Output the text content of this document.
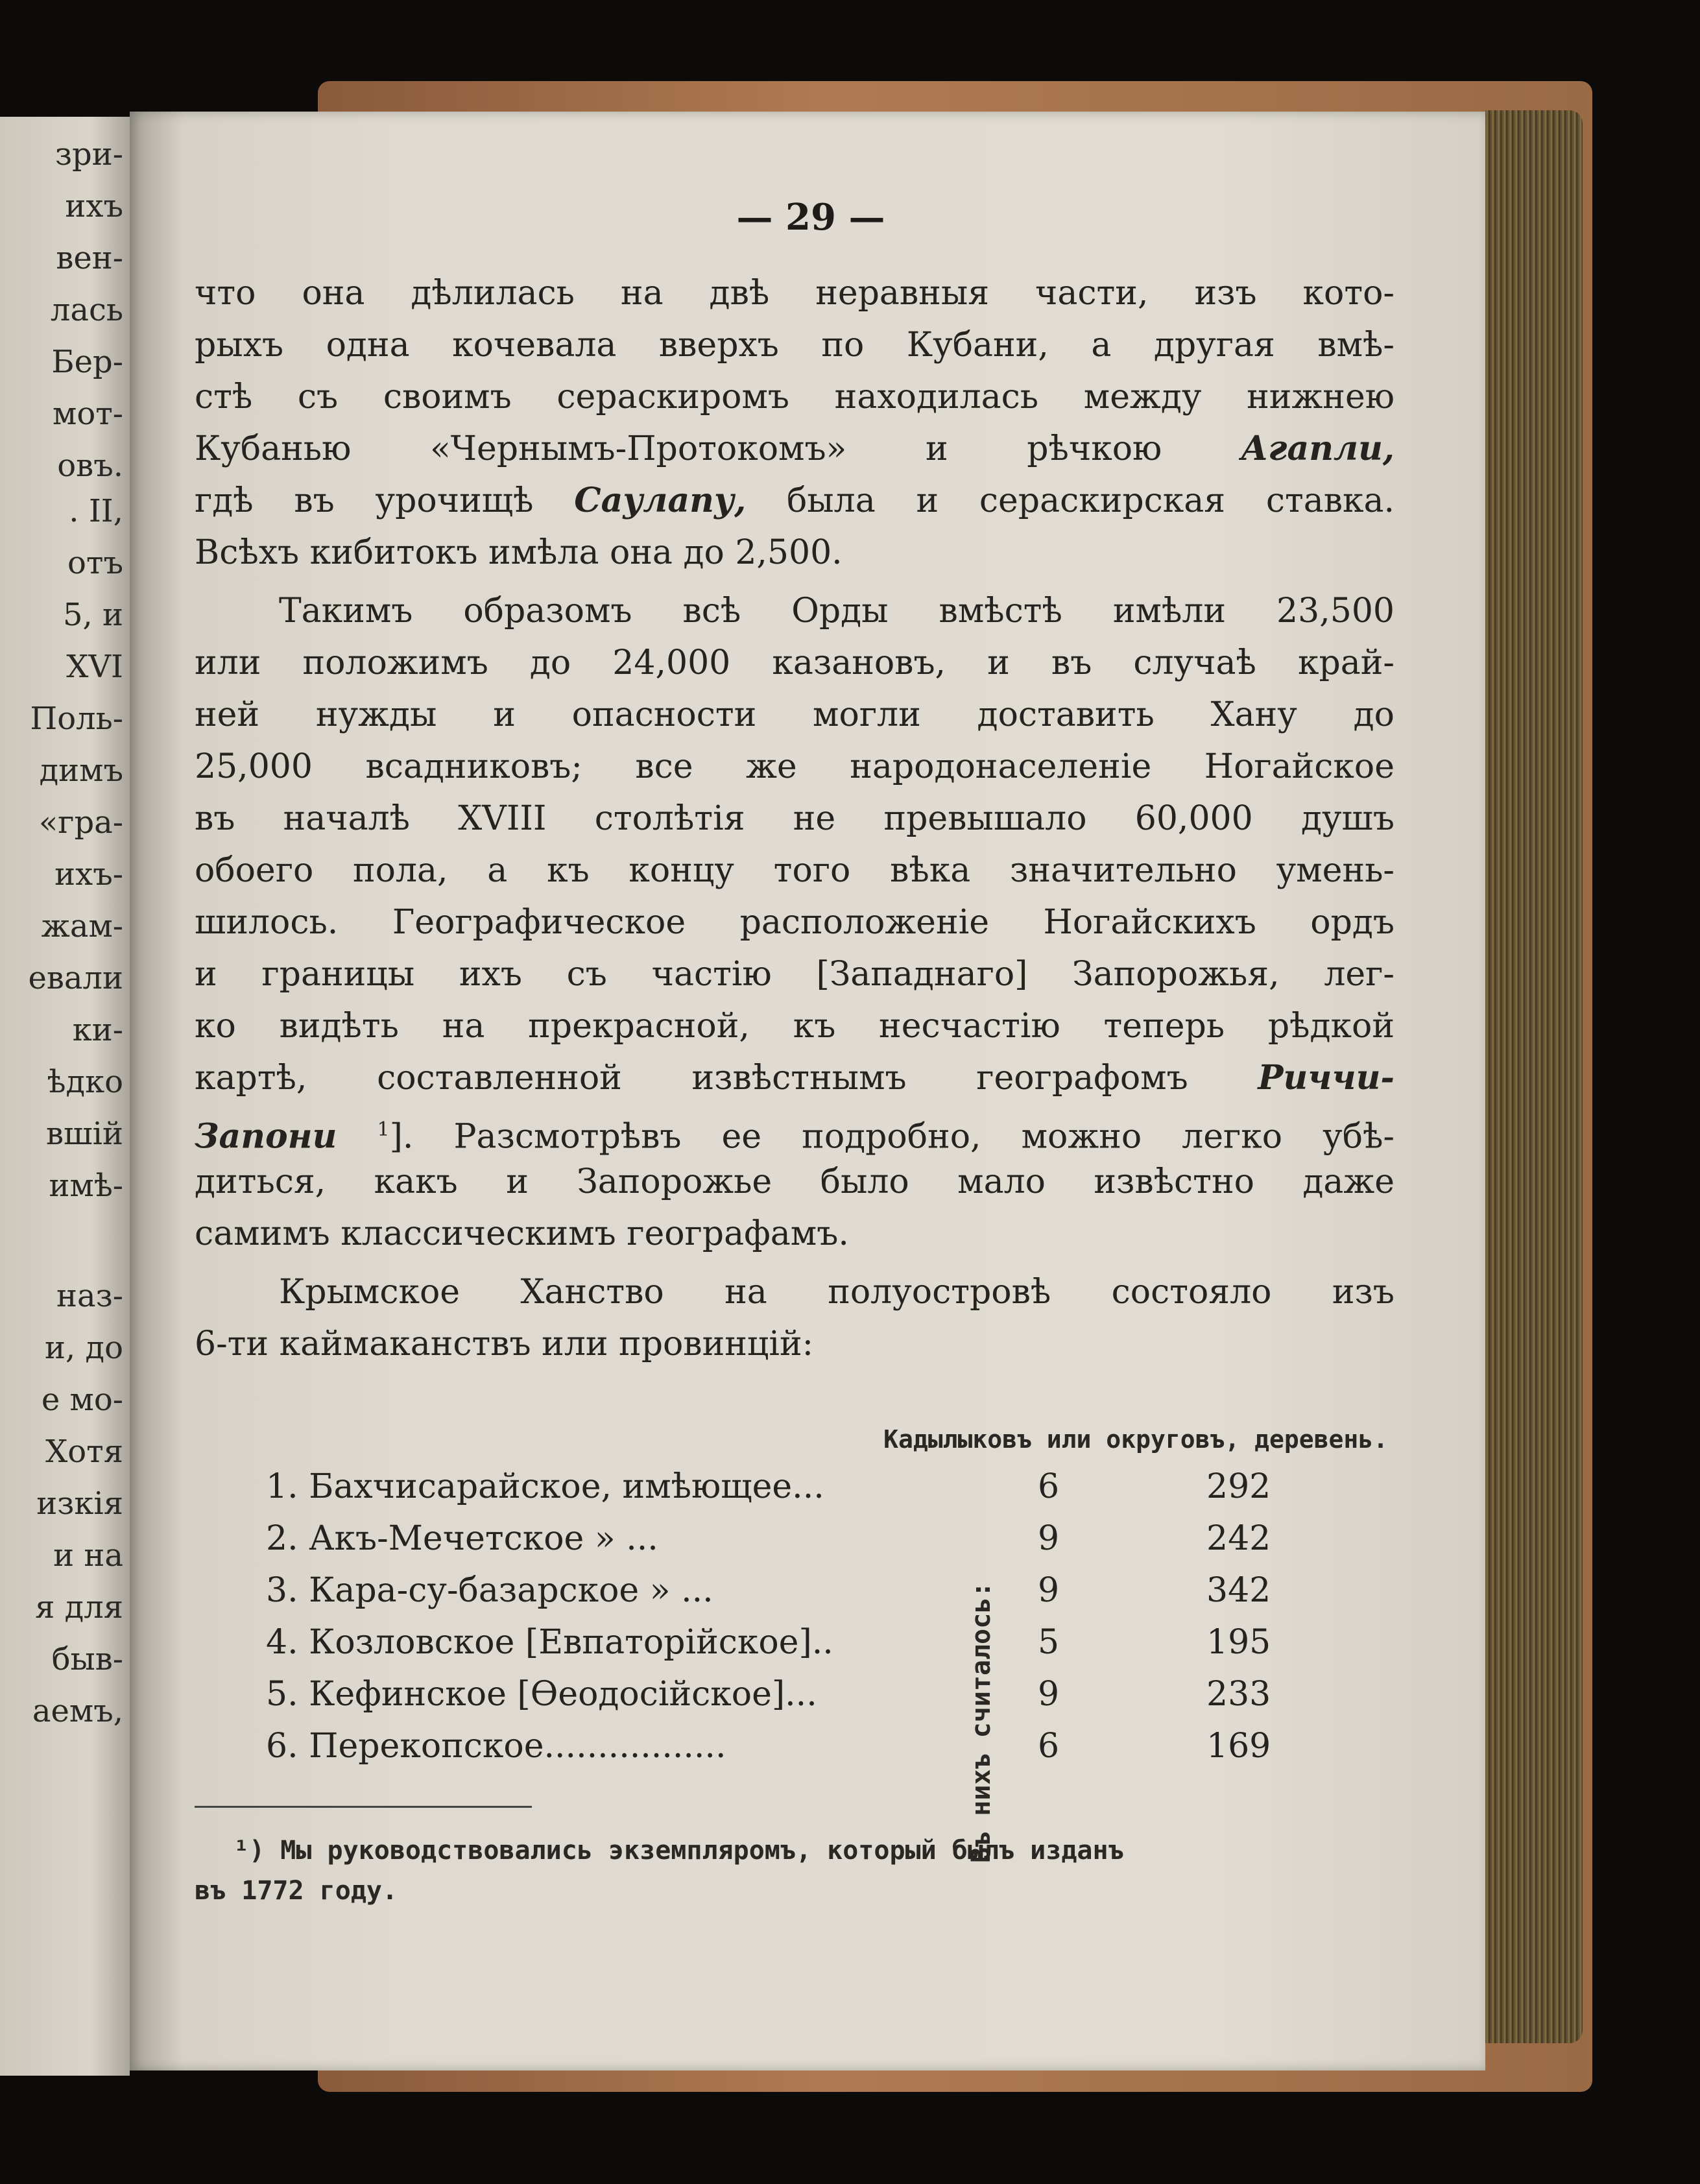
зри-
ихъ
вен-
лась
Бер-
мот-
овъ.
. II,
отъ
5, и
XVI
Поль-
димъ
«гра-
ихъ-
жам-
евали
ки-
ѣдко
вшій
имѣ-
наз-
и, до
е мо-
Хотя
изкія
и на
я для
быв-
аемъ,
— 29 —
что она дѣлилась на двѣ неравныя части, изъ кото-
рыхъ одна кочевала вверхъ по Кубани, а другая вмѣ-
стѣ съ своимъ сераскиромъ находилась между нижнею
Кубанью «Чернымъ-Протокомъ» и рѣчкою Агапли,
гдѣ въ урочищѣ Саулапу, была и сераскирская ставка.
Всѣхъ кибитокъ имѣла она до 2,500.
Такимъ образомъ всѣ Орды вмѣстѣ имѣли 23,500
или положимъ до 24,000 казановъ, и въ случаѣ край-
ней нужды и опасности могли доставить Хану до
25,000 всадниковъ; все же народонаселеніе Ногайское
въ началѣ XVIII столѣтія не превышало 60,000 душъ
обоего пола, а къ концу того вѣка значительно умень-
шилось. Географическое расположеніе Ногайскихъ ордъ
и границы ихъ съ частію [Западнаго] Запорожья, лег-
ко видѣть на прекрасной, къ несчастію теперь рѣдкой
картѣ, составленной извѣстнымъ географомъ Риччи-
Запони $^1$]. Разсмотрѣвъ ее подробно, можно легко убѣ-
диться, какъ и Запорожье было мало извѣстно даже
самимъ классическимъ географамъ.
Крымское Ханство на полуостровѣ состояло изъ
6-ти каймаканствъ или провинцій:
Кадылыковъ или округовъ, деревень.
1. Бахчисарайское, имѣющее...	6	292
2. Акъ-Мечетское » ...	9	242
3. Кара-су-базарское » ...	9	342
4. Козловское [Евпаторійское]..	5	195
5. Кефинское [Ѳеодосійское]...	9	233
6. Перекопское.................	6	169
Въ нихъ считалось:
¹) Мы руководствовались экземпляромъ, который былъ изданъ
въ 1772 году.
